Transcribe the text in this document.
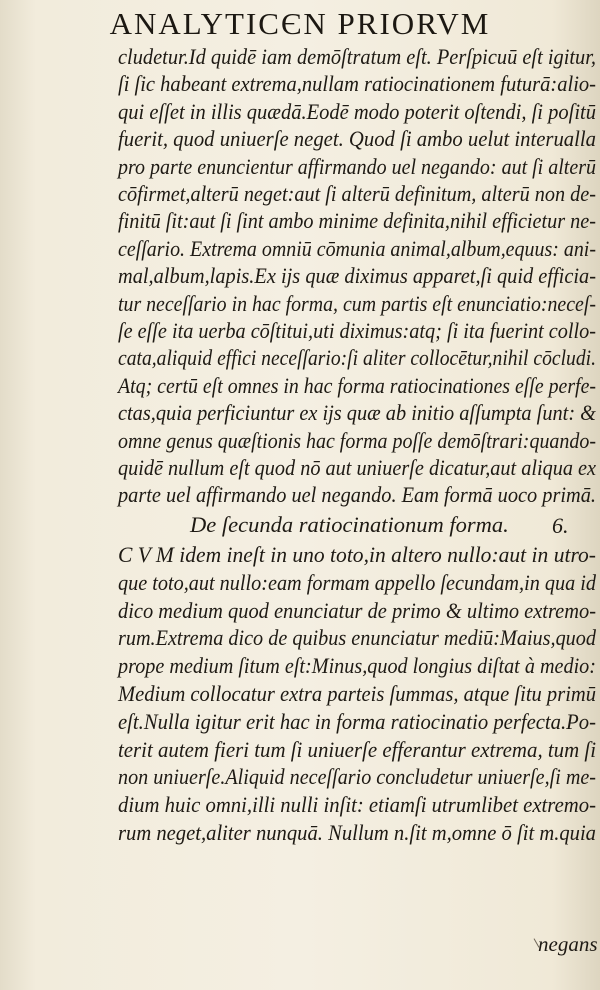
ANALYTICЄN PRIORVM
cludetur.Id quidē iam demōſtratum eſt. Perſpicuū eſt igitur,
ſi ſic habeant extrema,nullam ratiocinationem futurā:alio-
qui eſſet in illis quædā.Eodē modo poterit oſtendi, ſi poſitū
fuerit, quod uniuerſe neget. Quod ſi ambo uelut interualla
pro parte enuncientur affirmando uel negando: aut ſi alterū
cōfirmet,alterū neget:aut ſi alterū definitum, alterū non de-
finitū ſit:aut ſi ſint ambo minime definita,nihil efficietur ne-
ceſſario. Extrema omniū cōmunia animal,album,equus: ani-
mal,album,lapis.Ex ijs quæ diximus apparet,ſi quid efficia-
tur neceſſario in hac forma, cum partis eſt enunciatio:neceſ-
ſe eſſe ita uerba cōſtitui,uti diximus:atq; ſi ita fuerint collo-
cata,aliquid effici neceſſario:ſi aliter collocētur,nihil cōcludi.
Atq; certū eſt omnes in hac forma ratiocinationes eſſe perfe-
ctas,quia perficiuntur ex ijs quæ ab initio aſſumpta ſunt: &
omne genus quæſtionis hac forma poſſe demōſtrari:quando-
quidē nullum eſt quod nō aut uniuerſe dicatur,aut aliqua ex
parte uel affirmando uel negando. Eam formā uoco primā.
De ſecunda ratiocinationum forma. 6.
C V M idem ineſt in uno toto,in altero nullo:aut in utro-
que toto,aut nullo:eam formam appello ſecundam,in qua id
dico medium quod enunciatur de primo & ultimo extremo-
rum.Extrema dico de quibus enunciatur mediū:Maius,quod
prope medium ſitum eſt:Minus,quod longius diſtat à medio:
Medium collocatur extra parteis ſummas, atque ſitu primū
eſt.Nulla igitur erit hac in forma ratiocinatio perfecta.Po-
terit autem fieri tum ſi uniuerſe efferantur extrema, tum ſi
non uniuerſe.Aliquid neceſſario concludetur uniuerſe,ſi me-
dium huic omni,illi nulli inſit: etiamſi utrumlibet extremo-
rum neget,aliter nunquā. Nullum n.ſit m,omne ō ſit m.quia
negans
